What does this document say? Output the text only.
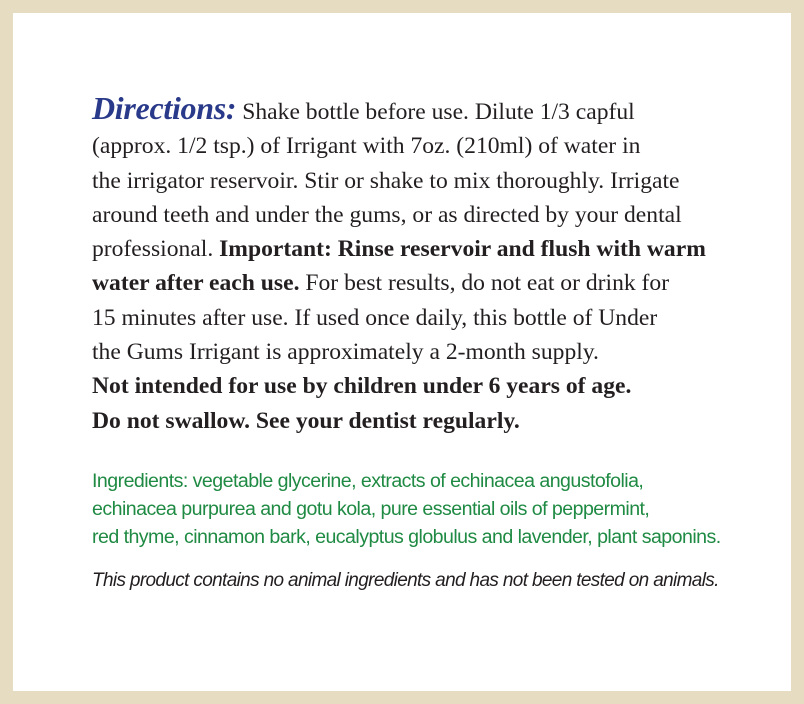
Directions: Shake bottle before use. Dilute 1/3 capful
(approx. 1/2 tsp.) of Irrigant with 7oz. (210ml) of water in
the irrigator reservoir. Stir or shake to mix thoroughly. Irrigate
around teeth and under the gums, or as directed by your dental
professional. Important: Rinse reservoir and flush with warm
water after each use. For best results, do not eat or drink for
15 minutes after use. If used once daily, this bottle of Under
the Gums Irrigant is approximately a 2-month supply.
Not intended for use by children under 6 years of age.
Do not swallow. See your dentist regularly.
Ingredients: vegetable glycerine, extracts of echinacea angustofolia,
echinacea purpurea and gotu kola, pure essential oils of peppermint,
red thyme, cinnamon bark, eucalyptus globulus and lavender, plant saponins.
This product contains no animal ingredients and has not been tested on animals.
